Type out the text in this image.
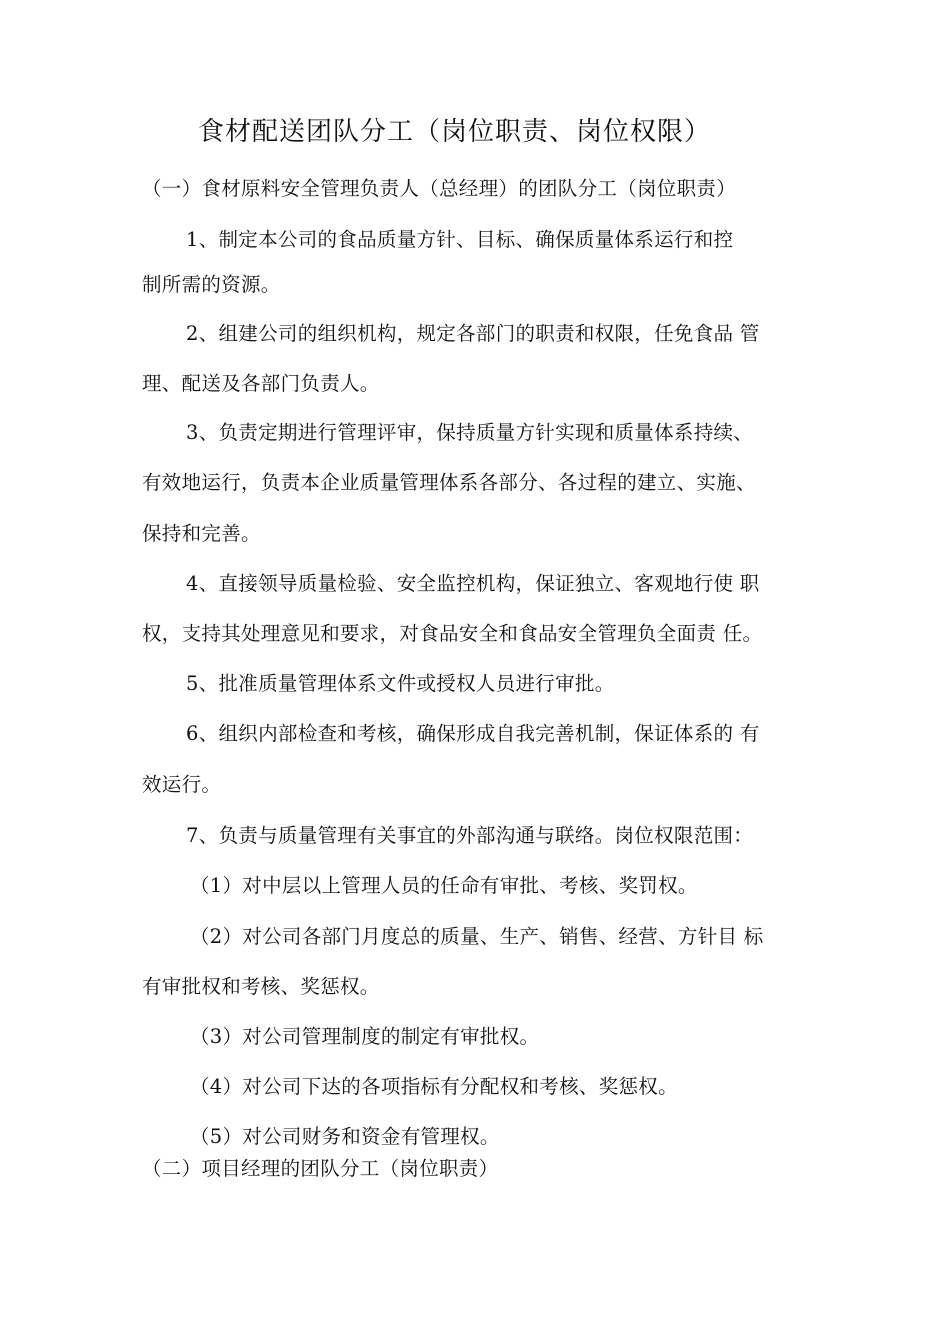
食材配送团队分工（岗位职责、岗位权限）
（一）食材原料安全管理负责人（总经理）的团队分工（岗位职责）
1、制定本公司的食品质量方针、目标、确保质量体系运行和控
制所需的资源。
2、组建公司的组织机构，规定各部门的职责和权限，任免食品 管
理、配送及各部门负责人。
3、负责定期进行管理评审，保持质量方针实现和质量体系持续、
有效地运行，负责本企业质量管理体系各部分、各过程的建立、实施、
保持和完善。
4、直接领导质量检验、安全监控机构，保证独立、客观地行使 职
权，支持其处理意见和要求，对食品安全和食品安全管理负全面责 任。
5、批准质量管理体系文件或授权人员进行审批。
6、组织内部检查和考核，确保形成自我完善机制，保证体系的 有
效运行。
7、负责与质量管理有关事宜的外部沟通与联络。岗位权限范围：
（1）对中层以上管理人员的任命有审批、考核、奖罚权。
（2）对公司各部门月度总的质量、生产、销售、经营、方针目 标
有审批权和考核、奖惩权。
（3）对公司管理制度的制定有审批权。
（4）对公司下达的各项指标有分配权和考核、奖惩权。
（5）对公司财务和资金有管理权。
（二）项目经理的团队分工（岗位职责）
